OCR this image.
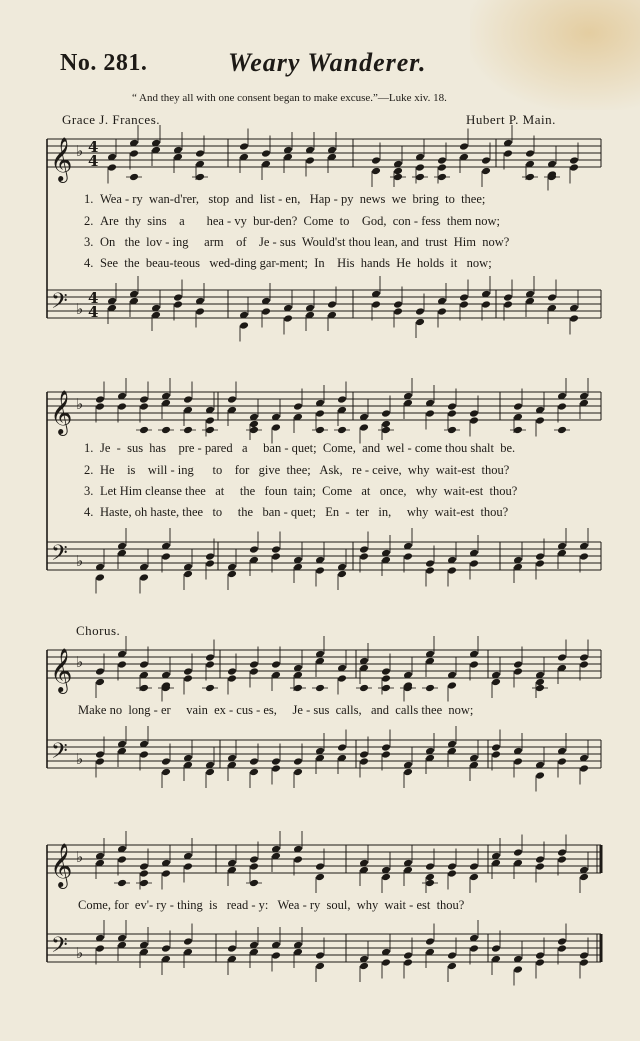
No. 281.	Weary Wanderer.
“ And they all with one consent began to make excuse.”—Luke xiv. 18.
Grace J. Frances.	Hubert P. Main.
𝄞 ♭ 4
4
𝄢 ♭
4
4
𝄞 ♭
𝄢 ♭
𝄞 ♭
𝄢 ♭
𝄞 ♭
𝄢 ♭
1. Wea - ry  wan-d'rer,   stop  and  list - en,   Hap - py  news  we  bring  to  thee;
2. Are  thy  sins    a       hea - vy  bur-den?  Come  to    God,  con - fess  them now;
3. On   the  lov - ing     arm    of    Je - sus  Would'st thou lean, and  trust  Him  now?
4. See  the  beau-teous   wed-ding gar-ment;  In    His  hands  He  holds  it   now;
1. Je  -  sus  has    pre - pared   a     ban - quet;  Come,  and  wel - come thou shalt  be.
2. He    is    will - ing      to    for   give  thee;   Ask,   re - ceive,  why  wait-est  thou?
3. Let Him cleanse thee   at     the   foun  tain;  Come   at   once,   why  wait-est  thou?
4. Haste, oh haste, thee   to     the   ban - quet;   En  -  ter   in,     why  wait-est  thou?
Chorus.
Make no  long - er     vain  ex - cus - es,     Je - sus  calls,   and  calls thee  now;
Come, for  ev'- ry - thing  is   read - y:   Wea - ry  soul,  why  wait - est  thou?
